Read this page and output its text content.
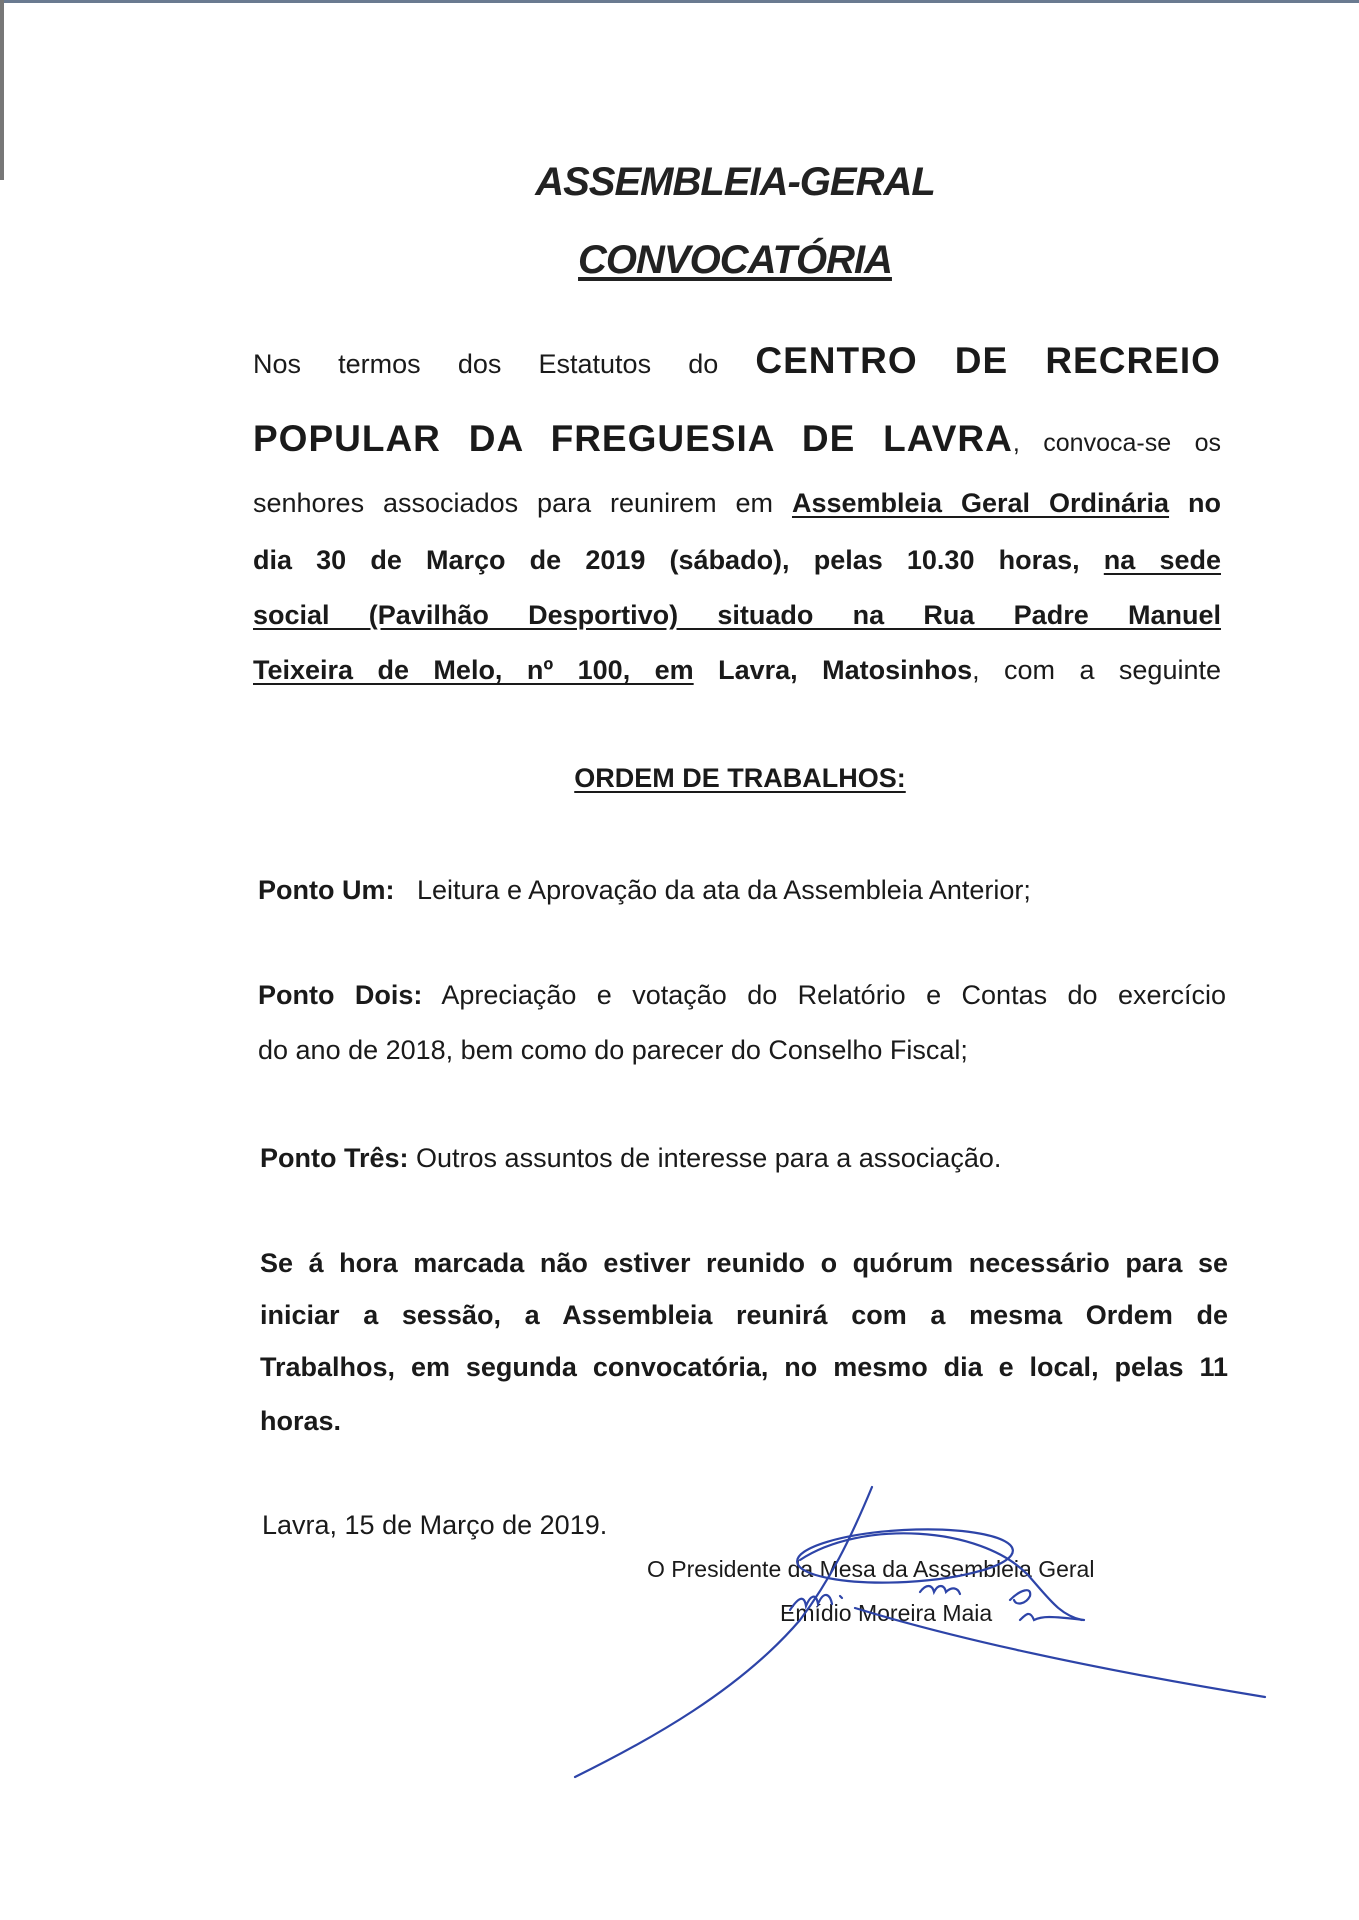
ASSEMBLEIA-GERAL
CONVOCATÓRIA
Nos termos dos Estatutos do CENTRO DE RECREIO
POPULAR DA FREGUESIA DE LAVRA, convoca-se os
senhores associados para reunirem em Assembleia Geral Ordinária no
dia 30 de Março de 2019 (sábado), pelas 10.30 horas, na sede
social (Pavilhão Desportivo) situado na Rua Padre Manuel
Teixeira de Melo, nº 100, em Lavra, Matosinhos, com a seguinte
ORDEM DE TRABALHOS:
Ponto Um: Leitura e Aprovação da ata da Assembleia Anterior;
Ponto Dois: Apreciação e votação do Relatório e Contas do exercício
do ano de 2018, bem como do parecer do Conselho Fiscal;
Ponto Três: Outros assuntos de interesse para a associação.
Se á hora marcada não estiver reunido o quórum necessário para se
iniciar a sessão, a Assembleia reunirá com a mesma Ordem de
Trabalhos, em segunda convocatória, no mesmo dia e local, pelas 11
horas.
Lavra, 15 de Março de 2019.
O Presidente da Mesa da Assembleia Geral
Emídio Moreira Maia
